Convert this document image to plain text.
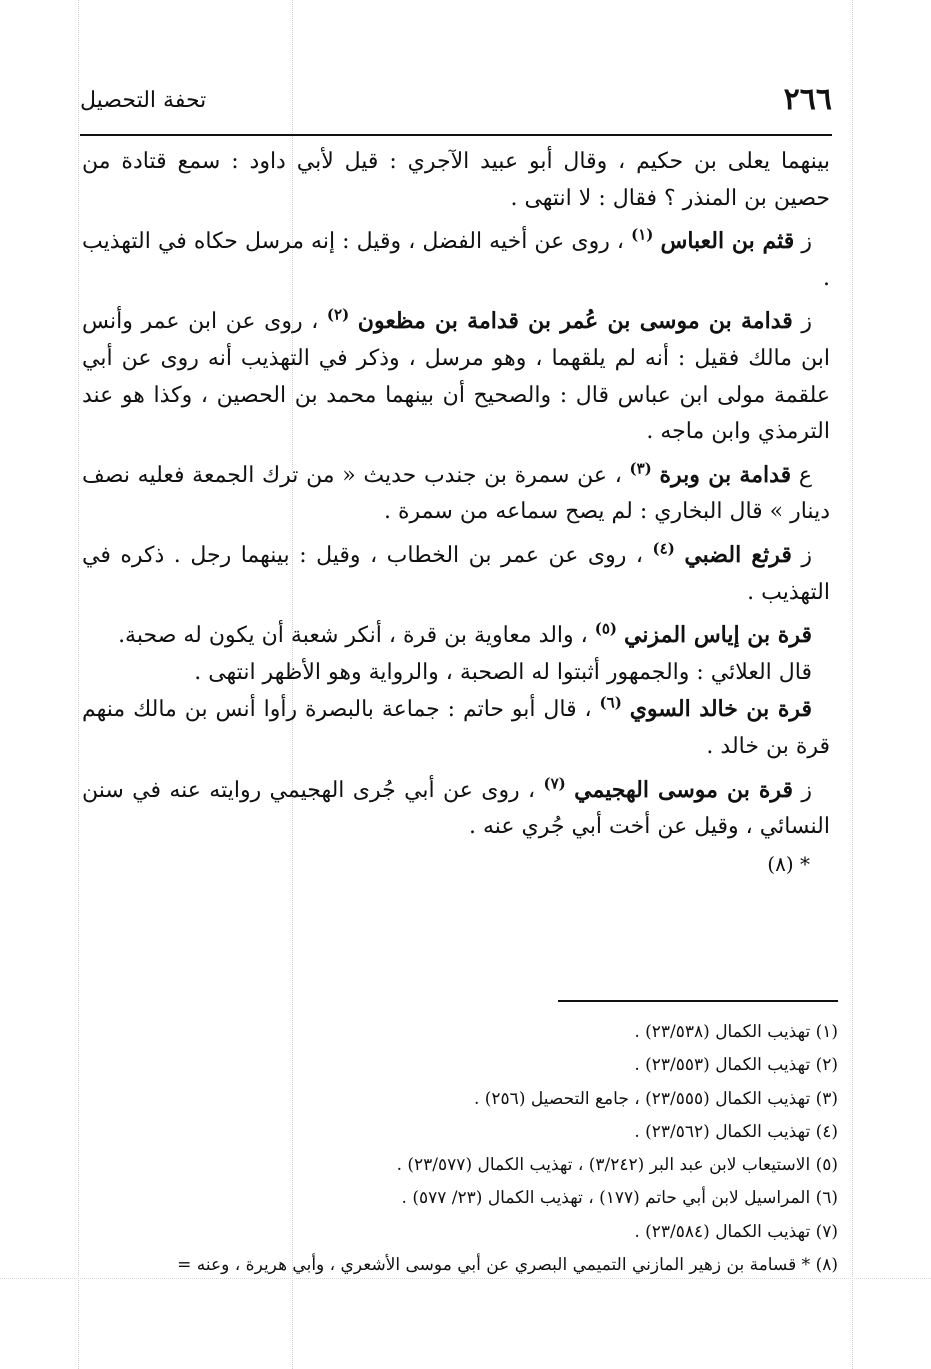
٢٦٦
تحفة التحصيل

بينهما يعلى بن حكيم ، وقال أبو عبيد الآجري : قيل لأبي داود : سمع قتادة من حصين بن المنذر ؟ فقال : لا انتهى .

ز قثم بن العباس $^{(١)}$ ، روى عن أخيه الفضل ، وقيل : إنه مرسل حكاه في التهذيب .

ز قدامة بن موسى بن عُمر بن قدامة بن مظعون $^{(٢)}$ ، روى عن ابن عمر وأنس ابن مالك فقيل : أنه لم يلقهما ، وهو مرسل ، وذكر في التهذيب أنه روى عن أبي علقمة مولى ابن عباس قال : والصحيح أن بينهما محمد بن الحصين ، وكذا هو عند الترمذي وابن ماجه .

ع قدامة بن وبرة $^{(٣)}$ ، عن سمرة بن جندب حديث « من ترك الجمعة فعليه نصف دينار » قال البخاري : لم يصح سماعه من سمرة .

ز قرثع الضبي $^{(٤)}$ ، روى عن عمر بن الخطاب ، وقيل : بينهما رجل . ذكره في التهذيب .

قرة بن إياس المزني $^{(٥)}$ ، والد معاوية بن قرة ، أنكر شعبة أن يكون له صحبة.

قال العلائي : والجمهور أثبتوا له الصحبة ، والرواية وهو الأظهر انتهى .

قرة بن خالد السوي $^{(٦)}$ ، قال أبو حاتم : جماعة بالبصرة رأوا أنس بن مالك منهم قرة بن خالد .

ز قرة بن موسى الهجيمي $^{(٧)}$ ، روى عن أبي جُرى الهجيمي روايته عنه في سنن النسائي ، وقيل عن أخت أبي جُري عنه .

* (٨)

(١) تهذيب الكمال (٢٣/٥٣٨) .

(٢) تهذيب الكمال (٢٣/٥٥٣) .

(٣) تهذيب الكمال (٢٣/٥٥٥) ، جامع التحصيل (٢٥٦) .

(٤) تهذيب الكمال (٢٣/٥٦٢) .

(٥) الاستيعاب لابن عبد البر (٣/٢٤٢) ، تهذيب الكمال (٢٣/٥٧٧) .

(٦) المراسيل لابن أبي حاتم (١٧٧) ، تهذيب الكمال (٢٣/ ٥٧٧) .

(٧) تهذيب الكمال (٢٣/٥٨٤) .

(٨) * قسامة بن زهير المازني التميمي البصري عن أبي موسى الأشعري ، وأبي هريرة ، وعنه =
